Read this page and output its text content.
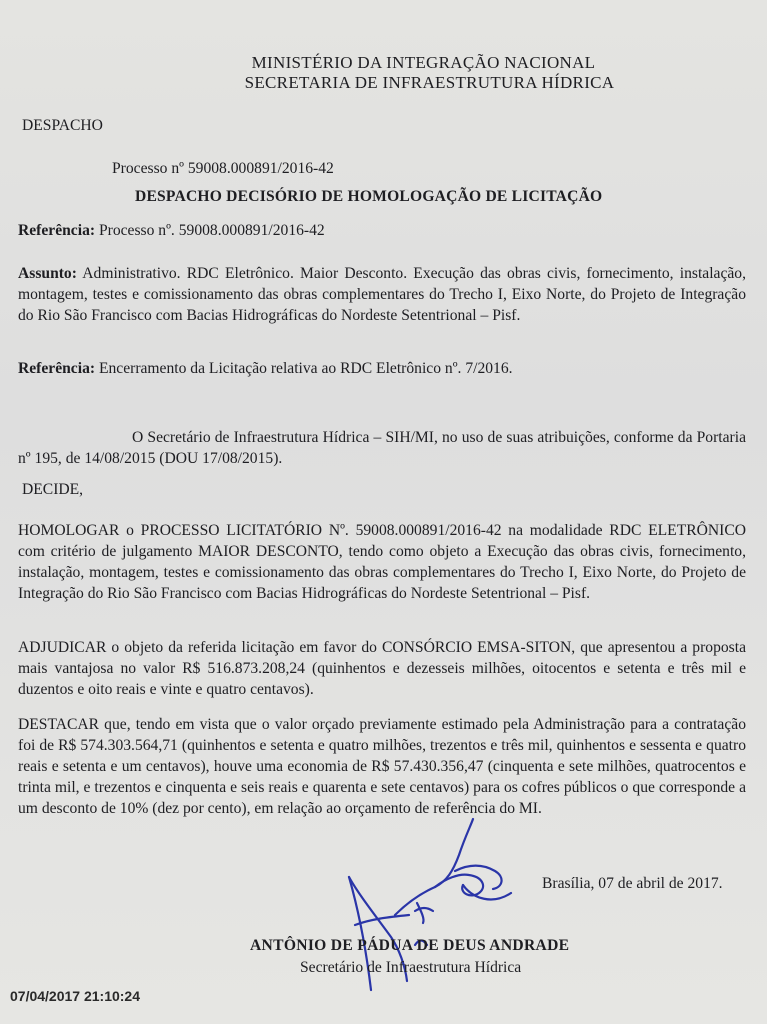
MINISTÉRIO DA INTEGRAÇÃO NACIONAL
SECRETARIA DE INFRAESTRUTURA HÍDRICA
DESPACHO
Processo nº 59008.000891/2016-42
DESPACHO DECISÓRIO DE HOMOLOGAÇÃO DE LICITAÇÃO

Referência: Processo nº. 59008.000891/2016-42

Assunto: Administrativo. RDC Eletrônico. Maior Desconto. Execução das obras civis, fornecimento, instalação, montagem, testes e comissionamento das obras complementares do Trecho I, Eixo Norte, do Projeto de Integração do Rio São Francisco com Bacias Hidrográficas do Nordeste Setentrional – Pisf.

Referência: Encerramento da Licitação relativa ao RDC Eletrônico nº. 7/2016.

O Secretário de Infraestrutura Hídrica – SIH/MI, no uso de suas atribuições, conforme da Portaria nº 195, de 14/08/2015 (DOU 17/08/2015).

DECIDE,

HOMOLOGAR o PROCESSO LICITATÓRIO Nº. 59008.000891/2016-42 na modalidade RDC ELETRÔNICO com critério de julgamento MAIOR DESCONTO, tendo como objeto a Execução das obras civis, fornecimento, instalação, montagem, testes e comissionamento das obras complementares do Trecho I, Eixo Norte, do Projeto de Integração do Rio São Francisco com Bacias Hidrográficas do Nordeste Setentrional – Pisf.

ADJUDICAR o objeto da referida licitação em favor do CONSÓRCIO EMSA-SITON, que apresentou a proposta mais vantajosa no valor R$ 516.873.208,24 (quinhentos e dezesseis milhões, oitocentos e setenta e três mil e duzentos e oito reais e vinte e quatro centavos).

DESTACAR que, tendo em vista que o valor orçado previamente estimado pela Administração para a contratação foi de R$ 574.303.564,71 (quinhentos e setenta e quatro milhões, trezentos e três mil, quinhentos e sessenta e quatro reais e setenta e um centavos), houve uma economia de R$ 57.430.356,47 (cinquenta e sete milhões, quatrocentos e trinta mil, e trezentos e cinquenta e seis reais e quarenta e sete centavos) para os cofres públicos o que corresponde a um desconto de 10% (dez por cento), em relação ao orçamento de referência do MI.

Brasília, 07 de abril de 2017.
ANTÔNIO DE PÁDUA DE DEUS ANDRADE
Secretário de Infraestrutura Hídrica
07/04/2017 21:10:24
